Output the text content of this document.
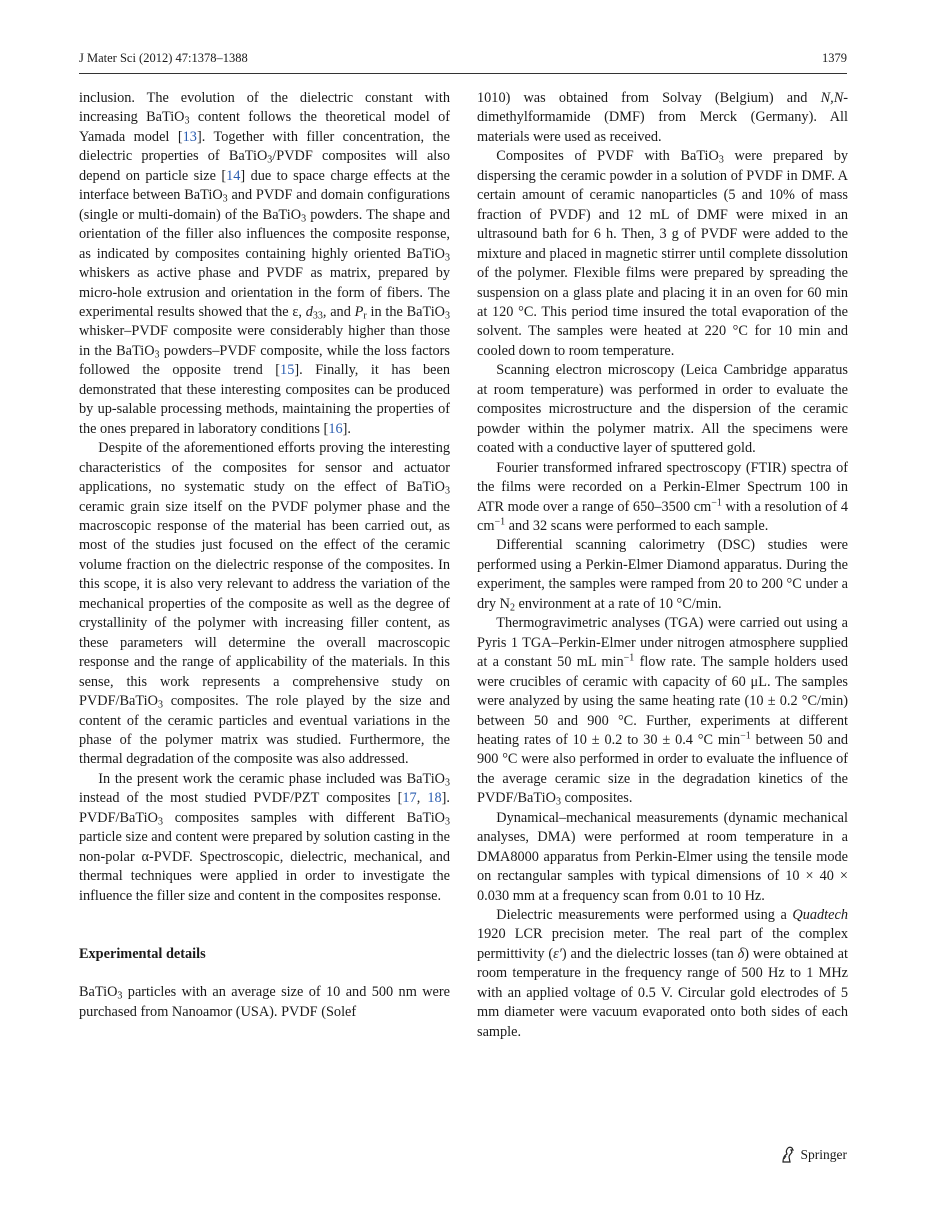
J Mater Sci (2012) 47:1378–1388	1379

inclusion. The evolution of the dielectric constant with increasing BaTiO$_3$ content follows the theoretical model of Yamada model [13]. Together with filler concentration, the dielectric properties of BaTiO$_3$/PVDF composites will also depend on particle size [14] due to space charge effects at the interface between BaTiO$_3$ and PVDF and domain configurations (single or multi-domain) of the BaTiO$_3$ powders. The shape and orientation of the filler also influences the composite response, as indicated by composites containing highly oriented BaTiO$_3$ whiskers as active phase and PVDF as matrix, prepared by micro-hole extrusion and orientation in the form of fibers. The experimental results showed that the ε, $d_{33}$, and $P_r$ in the BaTiO$_3$ whisker–PVDF composite were considerably higher than those in the BaTiO$_3$ powders–PVDF composite, while the loss factors followed the opposite trend [15]. Finally, it has been demonstrated that these interesting composites can be produced by up-salable processing methods, maintaining the properties of the ones prepared in laboratory conditions [16].

Despite of the aforementioned efforts proving the interesting characteristics of the composites for sensor and actuator applications, no systematic study on the effect of BaTiO$_3$ ceramic grain size itself on the PVDF polymer phase and the macroscopic response of the material has been carried out, as most of the studies just focused on the effect of the ceramic volume fraction on the dielectric response of the composites. In this scope, it is also very relevant to address the variation of the mechanical properties of the composite as well as the degree of crystallinity of the polymer with increasing filler content, as these parameters will determine the overall macroscopic response and the range of applicability of the materials. In this sense, this work represents a comprehensive study on PVDF/BaTiO$_3$ composites. The role played by the size and content of the ceramic particles and eventual variations in the phase of the polymer matrix was studied. Furthermore, the thermal degradation of the composite was also addressed.

In the present work the ceramic phase included was BaTiO$_3$ instead of the most studied PVDF/PZT composites [17, 18]. PVDF/BaTiO$_3$ composites samples with different BaTiO$_3$ particle size and content were prepared by solution casting in the non-polar α-PVDF. Spectroscopic, dielectric, mechanical, and thermal techniques were applied in order to investigate the influence the filler size and content in the composites response.

Experimental details

BaTiO$_3$ particles with an average size of 10 and 500 nm were purchased from Nanoamor (USA). PVDF (Solef

1010) was obtained from Solvay (Belgium) and N,N-dimethylformamide (DMF) from Merck (Germany). All materials were used as received.

Composites of PVDF with BaTiO$_3$ were prepared by dispersing the ceramic powder in a solution of PVDF in DMF. A certain amount of ceramic nanoparticles (5 and 10% of mass fraction of PVDF) and 12 mL of DMF were mixed in an ultrasound bath for 6 h. Then, 3 g of PVDF were added to the mixture and placed in magnetic stirrer until complete dissolution of the polymer. Flexible films were prepared by spreading the suspension on a glass plate and placing it in an oven for 60 min at 120 °C. This period time insured the total evaporation of the solvent. The samples were heated at 220 °C for 10 min and cooled down to room temperature.

Scanning electron microscopy (Leica Cambridge apparatus at room temperature) was performed in order to evaluate the composites microstructure and the dispersion of the ceramic powder within the polymer matrix. All the specimens were coated with a conductive layer of sputtered gold.

Fourier transformed infrared spectroscopy (FTIR) spectra of the films were recorded on a Perkin-Elmer Spectrum 100 in ATR mode over a range of 650–3500 $cm^{-1}$ with a resolution of 4 $cm^{-1}$ and 32 scans were performed to each sample.

Differential scanning calorimetry (DSC) studies were performed using a Perkin-Elmer Diamond apparatus. During the experiment, the samples were ramped from 20 to 200 °C under a dry $N_2$ environment at a rate of 10 °C/min.

Thermogravimetric analyses (TGA) were carried out using a Pyris 1 TGA–Perkin-Elmer under nitrogen atmosphere supplied at a constant 50 mL $\min^{-1}$ flow rate. The sample holders used were crucibles of ceramic with capacity of 60 μL. The samples were analyzed by using the same heating rate (10 ± 0.2 °C/min) between 50 and 900 °C. Further, experiments at different heating rates of 10 ± 0.2 to 30 ± 0.4 °C $\min^{-1}$ between 50 and 900 °C were also performed in order to evaluate the influence of the average ceramic size in the degradation kinetics of the PVDF/BaTiO$_3$ composites.

Dynamical–mechanical measurements (dynamic mechanical analyses, DMA) were performed at room temperature in a DMA8000 apparatus from Perkin-Elmer using the tensile mode on rectangular samples with typical dimensions of 10 × 40 × 0.030 mm at a frequency scan from 0.01 to 10 Hz.

Dielectric measurements were performed using a Quadtech 1920 LCR precision meter. The real part of the complex permittivity (ε′) and the dielectric losses (tan δ) were obtained at room temperature in the frequency range of 500 Hz to 1 MHz with an applied voltage of 0.5 V. Circular gold electrodes of 5 mm diameter were vacuum evaporated onto both sides of each sample.

Springer
